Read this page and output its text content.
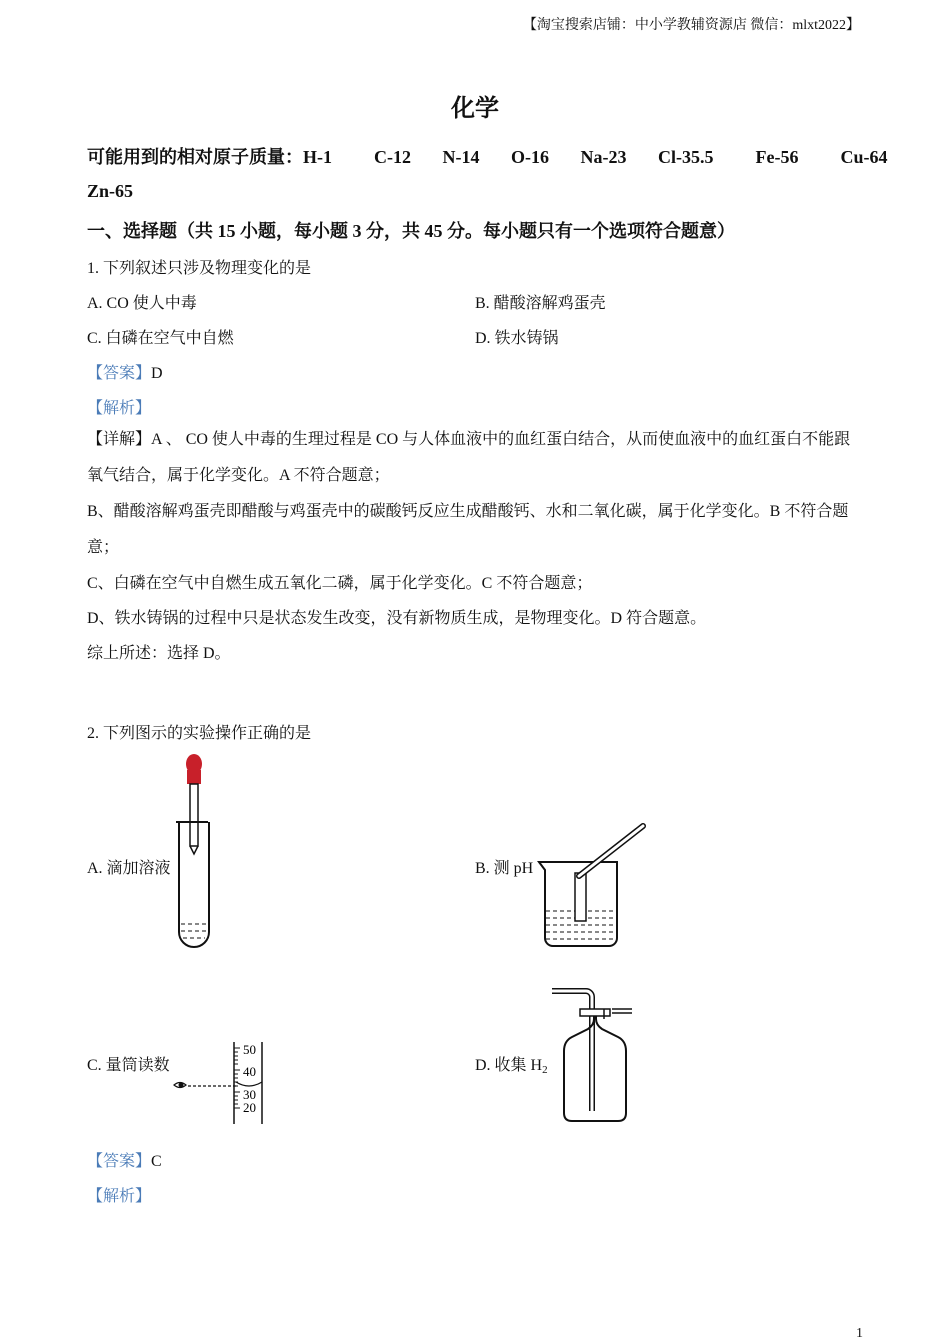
【淘宝搜索店铺：中小学教辅资源店 微信：mlxt2022】
化学
可能用到的相对原子质量：H-1    C-12   N-14   O-16   Na-23   Cl-35.5    Fe-56    Cu-64
Zn-65
一、选择题（共 15 小题，每小题 3 分，共 45 分。每小题只有一个选项符合题意）
1. 下列叙述只涉及物理变化的是
A. CO 使人中毒	B. 醋酸溶解鸡蛋壳
C. 白磷在空气中自燃	D. 铁水铸锅
【答案】D
【解析】
【详解】A 、 CO 使人中毒的生理过程是 CO 与人体血液中的血红蛋白结合，从而使血液中的血红蛋白不能跟氧气结合，属于化学变化。A 不符合题意；
B、醋酸溶解鸡蛋壳即醋酸与鸡蛋壳中的碳酸钙反应生成醋酸钙、水和二氧化碳，属于化学变化。B 不符合题意；
C、白磷在空气中自燃生成五氧化二磷，属于化学变化。C 不符合题意；
D、铁水铸锅的过程中只是状态发生改变，没有新物质生成，是物理变化。D 符合题意。
综上所述：选择 D。
2. 下列图示的实验操作正确的是
A. 滴加溶液	B. 测 pH
C. 量筒读数	D. 收集 $H_2$
50
40
30
20
【答案】C
【解析】
1
